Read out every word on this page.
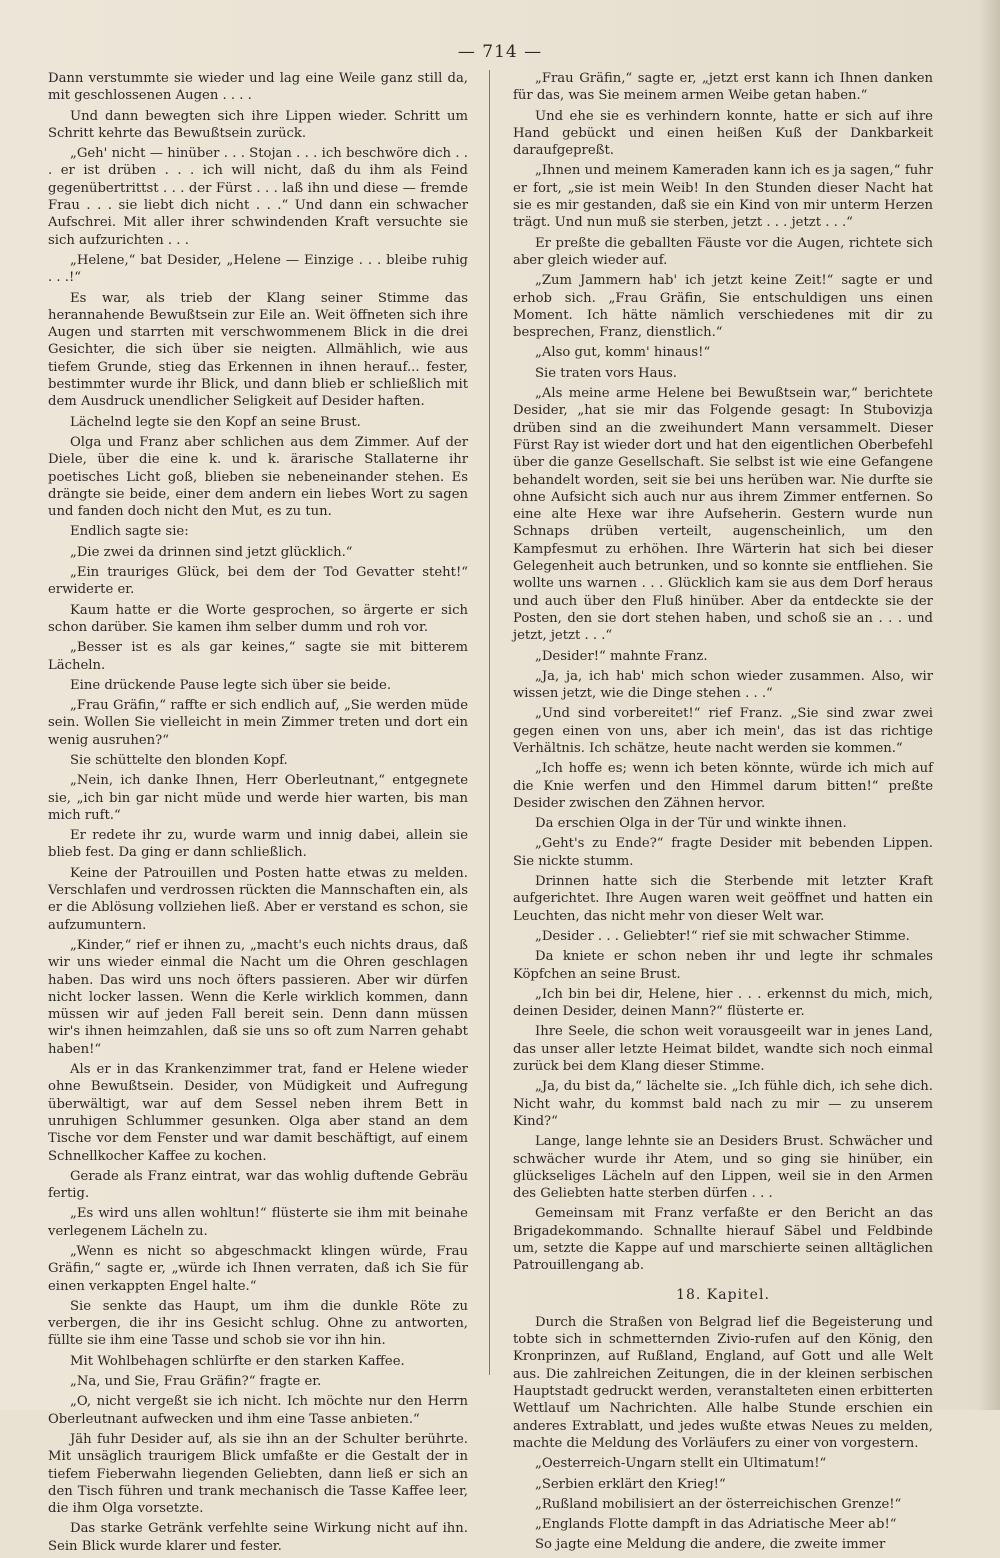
— 714 —

Dann verstummte sie wieder und lag eine Weile ganz still da, mit geschlossenen Augen . . . .

Und dann bewegten sich ihre Lippen wieder. Schritt um Schritt kehrte das Bewußtsein zurück.

„Geh' nicht — hinüber . . . Stojan . . . ich beschwöre dich . . . er ist drüben . . . ich will nicht, daß du ihm als Feind gegenübertrittst . . . der Fürst . . . laß ihn und diese — fremde Frau . . . sie liebt dich nicht . . .“ Und dann ein schwacher Aufschrei. Mit aller ihrer schwindenden Kraft versuchte sie sich aufzurichten . . .

„Helene,“ bat Desider, „Helene — Einzige . . . bleibe ruhig . . .!“

Es war, als trieb der Klang seiner Stimme das herannahende Bewußtsein zur Eile an. Weit öffneten sich ihre Augen und starrten mit verschwommenem Blick in die drei Gesichter, die sich über sie neigten. Allmählich, wie aus tiefem Grunde, stieg das Erkennen in ihnen herauf... fester, bestimmter wurde ihr Blick, und dann blieb er schließlich mit dem Ausdruck unendlicher Seligkeit auf Desider haften.

Lächelnd legte sie den Kopf an seine Brust.

Olga und Franz aber schlichen aus dem Zimmer. Auf der Diele, über die eine k. und k. ärarische Stallaterne ihr poetisches Licht goß, blieben sie nebeneinander stehen. Es drängte sie beide, einer dem andern ein liebes Wort zu sagen und fanden doch nicht den Mut, es zu tun.

Endlich sagte sie:

„Die zwei da drinnen sind jetzt glücklich.“

„Ein trauriges Glück, bei dem der Tod Gevatter steht!“ erwiderte er.

Kaum hatte er die Worte gesprochen, so ärgerte er sich schon darüber. Sie kamen ihm selber dumm und roh vor.

„Besser ist es als gar keines,“ sagte sie mit bitterem Lächeln.

Eine drückende Pause legte sich über sie beide.

„Frau Gräfin,“ raffte er sich endlich auf, „Sie werden müde sein. Wollen Sie vielleicht in mein Zimmer treten und dort ein wenig ausruhen?“

Sie schüttelte den blonden Kopf.

„Nein, ich danke Ihnen, Herr Oberleutnant,“ entgegnete sie, „ich bin gar nicht müde und werde hier warten, bis man mich ruft.“

Er redete ihr zu, wurde warm und innig dabei, allein sie blieb fest. Da ging er dann schließlich.

Keine der Patrouillen und Posten hatte etwas zu melden. Verschlafen und verdrossen rückten die Mannschaften ein, als er die Ablösung vollziehen ließ. Aber er verstand es schon, sie aufzumuntern.

„Kinder,“ rief er ihnen zu, „macht's euch nichts draus, daß wir uns wieder einmal die Nacht um die Ohren geschlagen haben. Das wird uns noch öfters passieren. Aber wir dürfen nicht locker lassen. Wenn die Kerle wirklich kommen, dann müssen wir auf jeden Fall bereit sein. Denn dann müssen wir's ihnen heimzahlen, daß sie uns so oft zum Narren gehabt haben!“

Als er in das Krankenzimmer trat, fand er Helene wieder ohne Bewußtsein. Desider, von Müdigkeit und Aufregung überwältigt, war auf dem Sessel neben ihrem Bett in unruhigen Schlummer gesunken. Olga aber stand an dem Tische vor dem Fenster und war damit beschäftigt, auf einem Schnellkocher Kaffee zu kochen.

Gerade als Franz eintrat, war das wohlig duftende Gebräu fertig.

„Es wird uns allen wohltun!“ flüsterte sie ihm mit beinahe verlegenem Lächeln zu.

„Wenn es nicht so abgeschmackt klingen würde, Frau Gräfin,“ sagte er, „würde ich Ihnen verraten, daß ich Sie für einen verkappten Engel halte.“

Sie senkte das Haupt, um ihm die dunkle Röte zu verbergen, die ihr ins Gesicht schlug. Ohne zu antworten, füllte sie ihm eine Tasse und schob sie vor ihn hin.

Mit Wohlbehagen schlürfte er den starken Kaffee.

„Na, und Sie, Frau Gräfin?“ fragte er.

„O, nicht vergeßt sie ich nicht. Ich möchte nur den Herrn Oberleutnant aufwecken und ihm eine Tasse anbieten.“

Jäh fuhr Desider auf, als sie ihn an der Schulter berührte. Mit unsäglich traurigem Blick umfaßte er die Gestalt der in tiefem Fieberwahn liegenden Geliebten, dann ließ er sich an den Tisch führen und trank mechanisch die Tasse Kaffee leer, die ihm Olga vorsetzte.

Das starke Getränk verfehlte seine Wirkung nicht auf ihn. Sein Blick wurde klarer und fester.

„Frau Gräfin,“ sagte er, „jetzt erst kann ich Ihnen danken für das, was Sie meinem armen Weibe getan haben.“

Und ehe sie es verhindern konnte, hatte er sich auf ihre Hand gebückt und einen heißen Kuß der Dankbarkeit daraufgepreßt.

„Ihnen und meinem Kameraden kann ich es ja sagen,“ fuhr er fort, „sie ist mein Weib! In den Stunden dieser Nacht hat sie es mir gestanden, daß sie ein Kind von mir unterm Herzen trägt. Und nun muß sie sterben, jetzt . . . jetzt . . .“

Er preßte die geballten Fäuste vor die Augen, richtete sich aber gleich wieder auf.

„Zum Jammern hab' ich jetzt keine Zeit!“ sagte er und erhob sich. „Frau Gräfin, Sie entschuldigen uns einen Moment. Ich hätte nämlich verschiedenes mit dir zu besprechen, Franz, dienstlich.“

„Also gut, komm' hinaus!“

Sie traten vors Haus.

„Als meine arme Helene bei Bewußtsein war,“ berichtete Desider, „hat sie mir das Folgende gesagt: In Stubovizja drüben sind an die zweihundert Mann versammelt. Dieser Fürst Ray ist wieder dort und hat den eigentlichen Oberbefehl über die ganze Gesellschaft. Sie selbst ist wie eine Gefangene behandelt worden, seit sie bei uns herüben war. Nie durfte sie ohne Aufsicht sich auch nur aus ihrem Zimmer entfernen. So eine alte Hexe war ihre Aufseherin. Gestern wurde nun Schnaps drüben verteilt, augenscheinlich, um den Kampfesmut zu erhöhen. Ihre Wärterin hat sich bei dieser Gelegenheit auch betrunken, und so konnte sie entfliehen. Sie wollte uns warnen . . . Glücklich kam sie aus dem Dorf heraus und auch über den Fluß hinüber. Aber da entdeckte sie der Posten, den sie dort stehen haben, und schoß sie an . . . und jetzt, jetzt . . .“

„Desider!“ mahnte Franz.

„Ja, ja, ich hab' mich schon wieder zusammen. Also, wir wissen jetzt, wie die Dinge stehen . . .“

„Und sind vorbereitet!“ rief Franz. „Sie sind zwar zwei gegen einen von uns, aber ich mein', das ist das richtige Verhältnis. Ich schätze, heute nacht werden sie kommen.“

„Ich hoffe es; wenn ich beten könnte, würde ich mich auf die Knie werfen und den Himmel darum bitten!“ preßte Desider zwischen den Zähnen hervor.

Da erschien Olga in der Tür und winkte ihnen.

„Geht's zu Ende?“ fragte Desider mit bebenden Lippen. Sie nickte stumm.

Drinnen hatte sich die Sterbende mit letzter Kraft aufgerichtet. Ihre Augen waren weit geöffnet und hatten ein Leuchten, das nicht mehr von dieser Welt war.

„Desider . . . Geliebter!“ rief sie mit schwacher Stimme.

Da kniete er schon neben ihr und legte ihr schmales Köpfchen an seine Brust.

„Ich bin bei dir, Helene, hier . . . erkennst du mich, mich, deinen Desider, deinen Mann?“ flüsterte er.

Ihre Seele, die schon weit vorausgeeilt war in jenes Land, das unser aller letzte Heimat bildet, wandte sich noch einmal zurück bei dem Klang dieser Stimme.

„Ja, du bist da,“ lächelte sie. „Ich fühle dich, ich sehe dich. Nicht wahr, du kommst bald nach zu mir — zu unserem Kind?“

Lange, lange lehnte sie an Desiders Brust. Schwächer und schwächer wurde ihr Atem, und so ging sie hinüber, ein glückseliges Lächeln auf den Lippen, weil sie in den Armen des Geliebten hatte sterben dürfen . . .

Gemeinsam mit Franz verfaßte er den Bericht an das Brigadekommando. Schnallte hierauf Säbel und Feldbinde um, setzte die Kappe auf und marschierte seinen alltäglichen Patrouillengang ab.

18. Kapitel.

Durch die Straßen von Belgrad lief die Begeisterung und tobte sich in schmetternden Zivio-rufen auf den König, den Kronprinzen, auf Rußland, England, auf Gott und alle Welt aus. Die zahlreichen Zeitungen, die in der kleinen serbischen Hauptstadt gedruckt werden, veranstalteten einen erbitterten Wettlauf um Nachrichten. Alle halbe Stunde erschien ein anderes Extrablatt, und jedes wußte etwas Neues zu melden, machte die Meldung des Vorläufers zu einer von vorgestern.

„Oesterreich-Ungarn stellt ein Ultimatum!“

„Serbien erklärt den Krieg!“

„Rußland mobilisiert an der österreichischen Grenze!“

„Englands Flotte dampft in das Adriatische Meer ab!“

So jagte eine Meldung die andere, die zweite immer
